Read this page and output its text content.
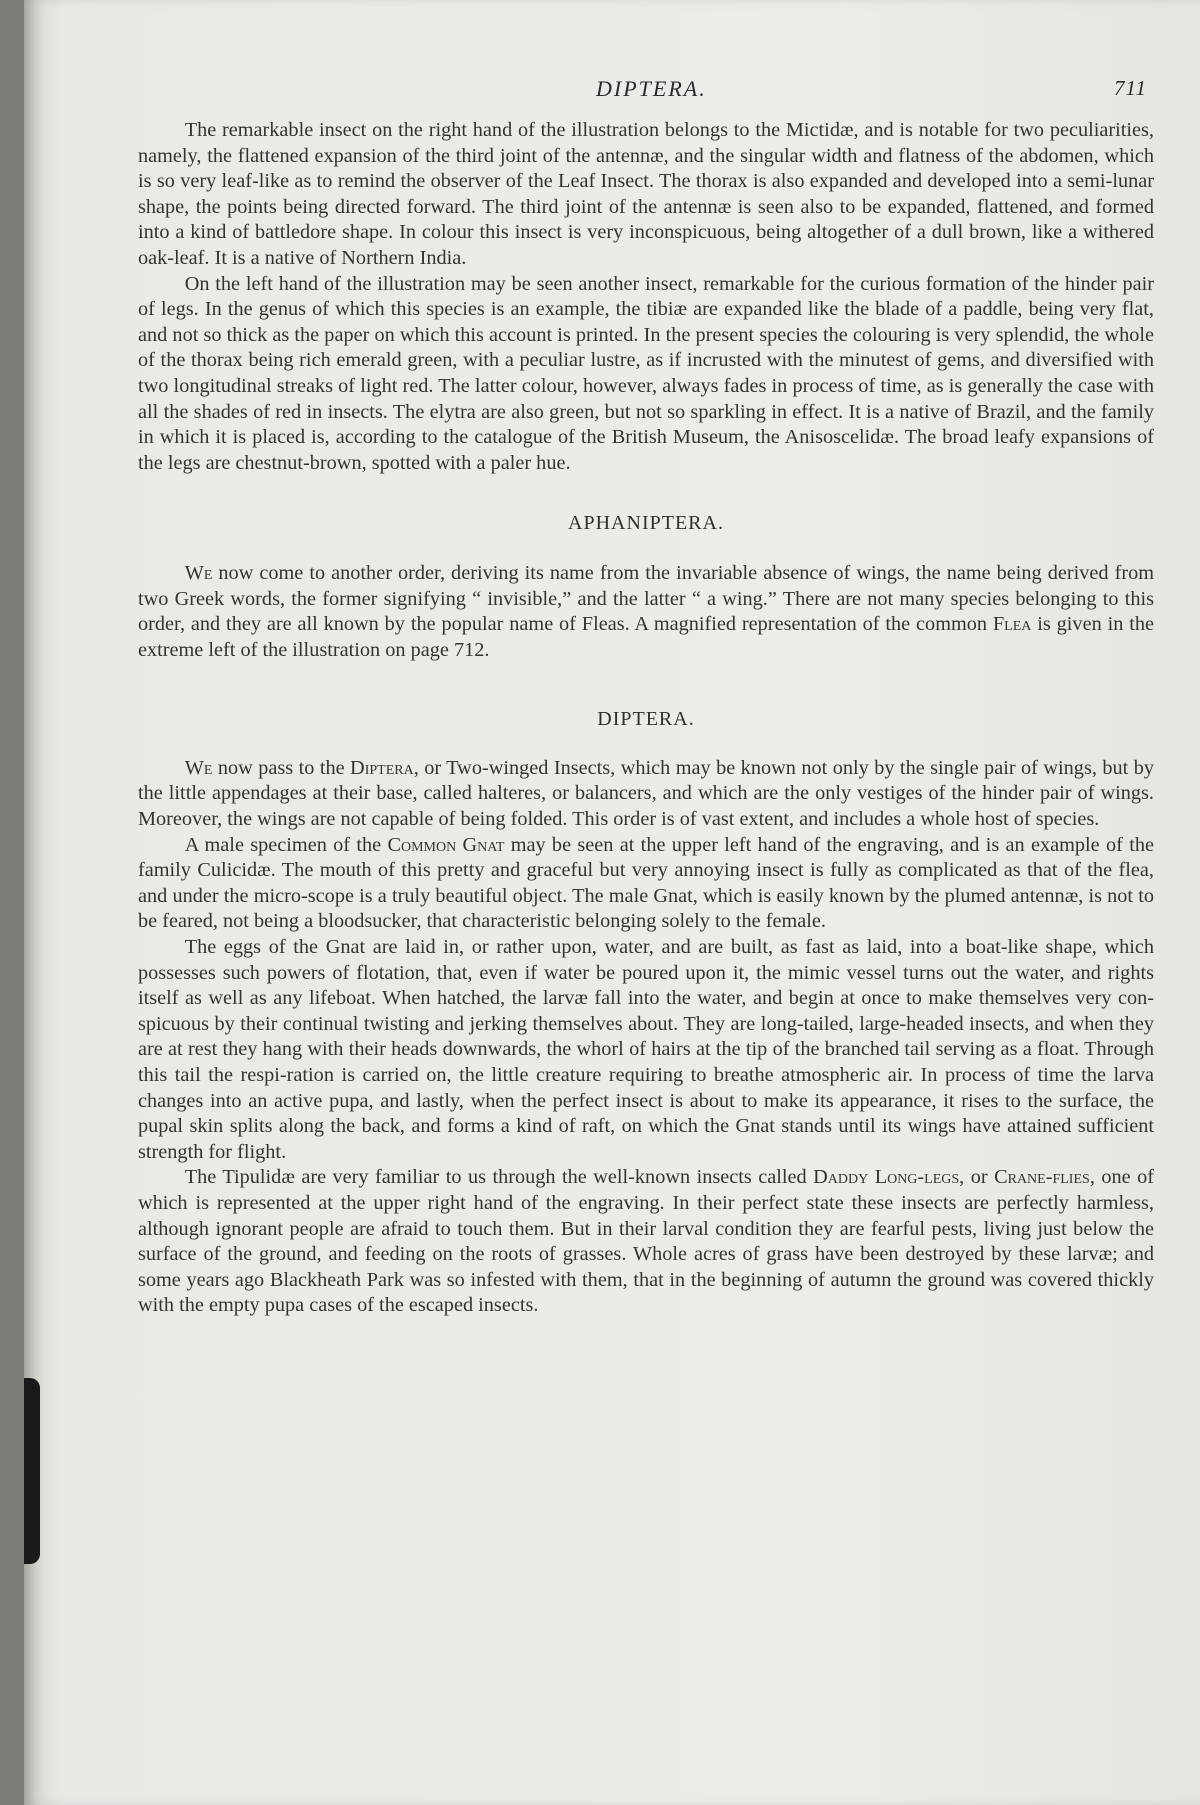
DIPTERA.	711

The remarkable insect on the right hand of the illustration belongs to the Mictidæ, and is notable for two peculiarities, namely, the flattened expansion of the third joint of the antennæ, and the singular width and flatness of the abdomen, which is so very leaf-like as to remind the observer of the Leaf Insect. The thorax is also expanded and developed into a semi-lunar shape, the points being directed forward. The third joint of the antennæ is seen also to be expanded, flattened, and formed into a kind of battledore shape. In colour this insect is very inconspicuous, being altogether of a dull brown, like a withered oak-leaf. It is a native of Northern India.

On the left hand of the illustration may be seen another insect, remarkable for the curious formation of the hinder pair of legs. In the genus of which this species is an example, the tibiæ are expanded like the blade of a paddle, being very flat, and not so thick as the paper on which this account is printed. In the present species the colouring is very splendid, the whole of the thorax being rich emerald green, with a peculiar lustre, as if incrusted with the minutest of gems, and diversified with two longitudinal streaks of light red. The latter colour, however, always fades in process of time, as is generally the case with all the shades of red in insects. The elytra are also green, but not so sparkling in effect. It is a native of Brazil, and the family in which it is placed is, according to the catalogue of the British Museum, the Anisoscelidæ. The broad leafy expansions of the legs are chestnut-brown, spotted with a paler hue.

APHANIPTERA.

We now come to another order, deriving its name from the invariable absence of wings, the name being derived from two Greek words, the former signifying “ invisible,” and the latter “ a wing.” There are not many species belonging to this order, and they are all known by the popular name of Fleas. A magnified representation of the common Flea is given in the extreme left of the illustration on page 712.

DIPTERA.

We now pass to the Diptera, or Two-winged Insects, which may be known not only by the single pair of wings, but by the little appendages at their base, called halteres, or balancers, and which are the only vestiges of the hinder pair of wings. Moreover, the wings are not capable of being folded. This order is of vast extent, and includes a whole host of species.

A male specimen of the Common Gnat may be seen at the upper left hand of the engraving, and is an example of the family Culicidæ. The mouth of this pretty and graceful but very annoying insect is fully as complicated as that of the flea, and under the micro-scope is a truly beautiful object. The male Gnat, which is easily known by the plumed antennæ, is not to be feared, not being a bloodsucker, that characteristic belonging solely to the female.

The eggs of the Gnat are laid in, or rather upon, water, and are built, as fast as laid, into a boat-like shape, which possesses such powers of flotation, that, even if water be poured upon it, the mimic vessel turns out the water, and rights itself as well as any lifeboat. When hatched, the larvæ fall into the water, and begin at once to make themselves very con-spicuous by their continual twisting and jerking themselves about. They are long-tailed, large-headed insects, and when they are at rest they hang with their heads downwards, the whorl of hairs at the tip of the branched tail serving as a float. Through this tail the respi-ration is carried on, the little creature requiring to breathe atmospheric air. In process of time the larva changes into an active pupa, and lastly, when the perfect insect is about to make its appearance, it rises to the surface, the pupal skin splits along the back, and forms a kind of raft, on which the Gnat stands until its wings have attained sufficient strength for flight.

The Tipulidæ are very familiar to us through the well-known insects called Daddy Long-legs, or Crane-flies, one of which is represented at the upper right hand of the engraving. In their perfect state these insects are perfectly harmless, although ignorant people are afraid to touch them. But in their larval condition they are fearful pests, living just below the surface of the ground, and feeding on the roots of grasses. Whole acres of grass have been destroyed by these larvæ; and some years ago Blackheath Park was so infested with them, that in the beginning of autumn the ground was covered thickly with the empty pupa cases of the escaped insects.
